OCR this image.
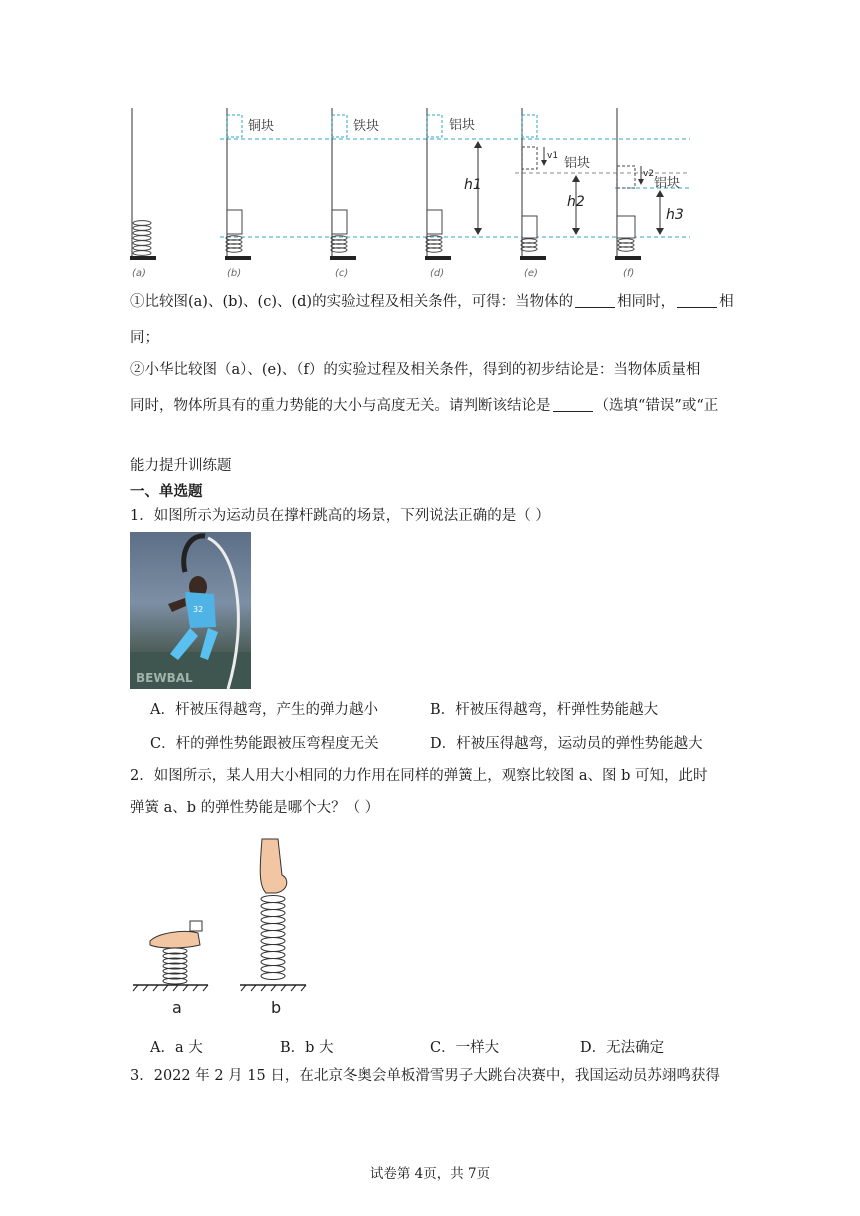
铜块	铁块	铝块
铝块
铝块
h1
h2
h3
v1
v2
(a)	(b)	(c)	(d)	(e)	(f)
①比较图(a)、(b)、(c)、(d)的实验过程及相关条件，可得：当物体的	相同时，	相
同；
②小华比较图（a）、(e)、（f）的实验过程及相关条件，得到的初步结论是：当物体质量相
同时，物体所具有的重力势能的大小与高度无关。请判断该结论是	（选填“错误”或“正
能力提升训练题
一、单选题
1．如图所示为运动员在撑杆跳高的场景，下列说法正确的是（ ）
BEWBAL
32
A．杆被压得越弯，产生的弹力越小	B．杆被压得越弯，杆弹性势能越大
C．杆的弹性势能跟被压弯程度无关	D．杆被压得越弯，运动员的弹性势能越大
2．如图所示，某人用大小相同的力作用在同样的弹簧上，观察比较图 a、图 b 可知，此时
弹簧 a、b 的弹性势能是哪个大？（ ）
a	b
A．a 大	B．b 大	C．一样大	D．无法确定
3．2022 年 2 月 15 日，在北京冬奥会单板滑雪男子大跳台决赛中，我国运动员苏翊鸣获得
试卷第 4页，共 7页
